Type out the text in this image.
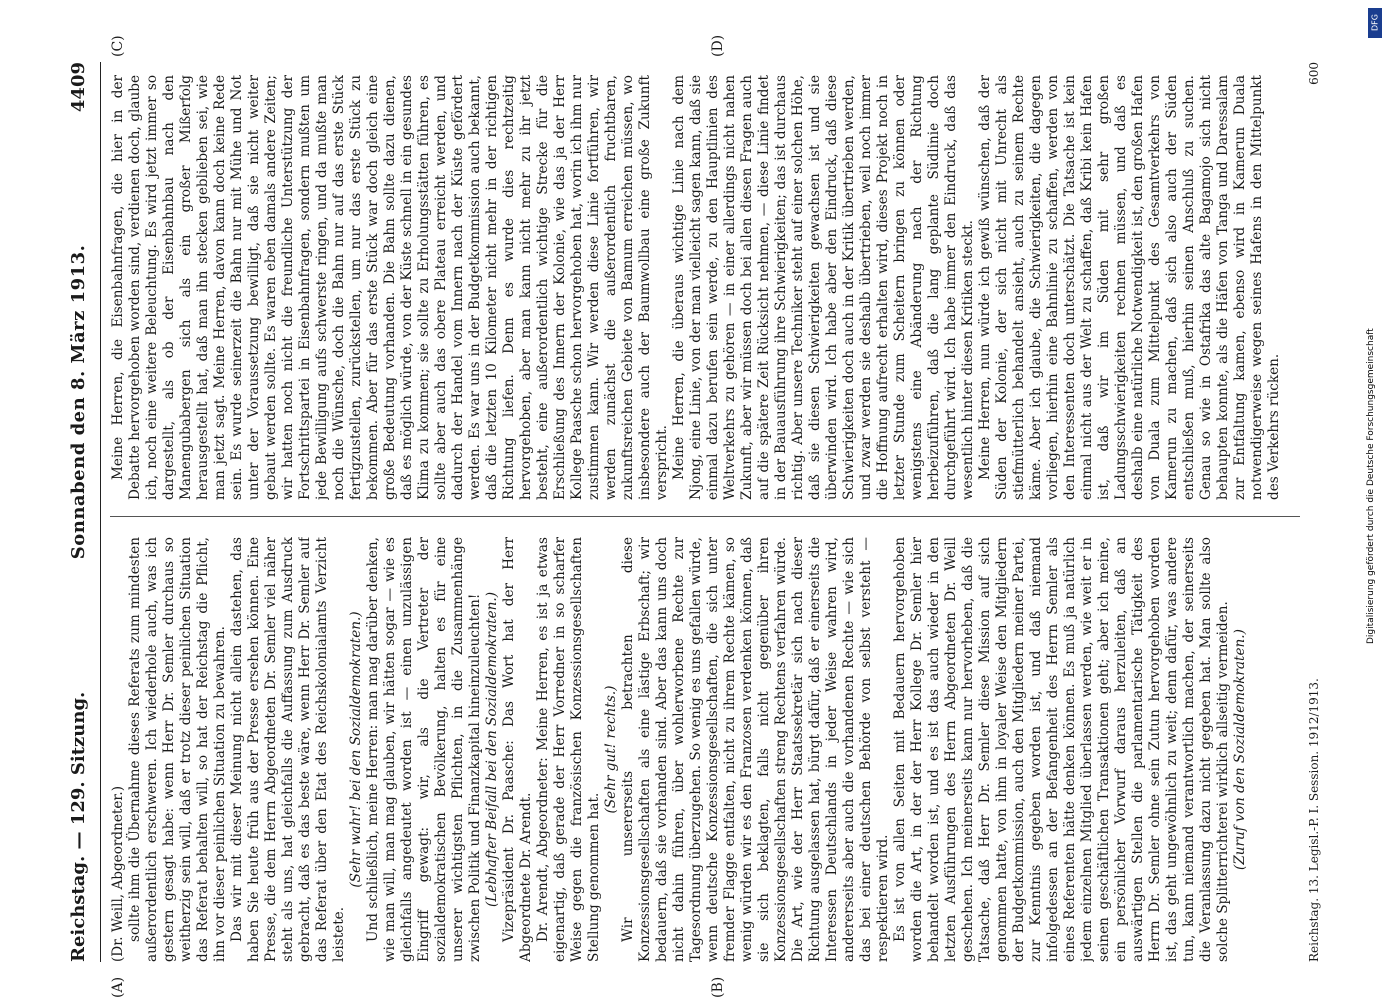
Reichstag. — 129. Sitzung.
Sonnabend den 8. März 1913.
4409
(A)	(B)
(C)	(D)

(Dr. Weill, Abgeordneter.) sollte ihm die Übernahme dieses Referats zum mindesten außerordentlich erschweren. Ich wiederhole auch, was ich gestern gesagt habe: wenn Herr Dr. Semler durchaus so weitherzig sein will, daß er trotz dieser peinlichen Situation das Referat behalten will, so hat der Reichstag die Pflicht, ihn vor dieser peinlichen Situation zu bewahren. Das wir mit dieser Meinung nicht allein dastehen, das haben Sie heute früh aus der Presse ersehen können. Eine Presse, die dem Herrn Abgeordneten Dr. Semler viel näher steht als uns, hat gleichfalls die Auffassung zum Ausdruck gebracht, daß es das beste wäre, wenn Herr Dr. Semler auf das Referat über den Etat des Reichskolonialamts Verzicht leistete.

(Sehr wahr! bei den Sozialdemokraten.) Und schließlich, meine Herren: man mag darüber denken, wie man will, man mag glauben, wir hätten sogar — wie es gleichfalls angedeutet worden ist — einen unzulässigen Eingriff gewagt: wir, als die Vertreter der sozialdemokratischen Bevölkerung, halten es für eine unserer wichtigsten Pflichten, in die Zusammenhänge zwischen Politik und Finanzkapital hineinzuleuchten! (Lebhafter Beifall bei den Sozialdemokraten.) Vizepräsident Dr. Paasche: Das Wort hat der Herr Abgeordnete Dr. Arendt. Dr. Arendt, Abgeordneter: Meine Herren, es ist ja etwas eigenartig, daß gerade der Herr Vorredner in so scharfer Weise gegen die französischen Konzessionsgesellschaften Stellung genommen hat.

(Sehr gut! rechts.) Wir unsererseits betrachten diese Konzessionsgesellschaften als eine lästige Erbschaft; wir bedauern, daß sie vorhanden sind. Aber das kann uns doch nicht dahin führen, über wohlerworbene Rechte zur Tagesordnung überzugehen. So wenig es uns gefallen würde, wenn deutsche Konzessionsgesellschaften, die sich unter fremder Flagge entfalten, nicht zu ihrem Rechte kämen, so wenig würden wir es den Franzosen verdenken können, daß sie sich beklagten, falls nicht gegenüber ihren Konzessionsgesellschaften streng Rechtens verfahren würde. Die Art, wie der Herr Staatssekretär sich nach dieser Richtung ausgelassen hat, bürgt dafür, daß er einerseits die Interessen Deutschlands in jeder Weise wahren wird, andererseits aber auch die vorhandenen Rechte — wie sich das bei einer deutschen Behörde von selbst versteht — respektieren wird. Es ist von allen Seiten mit Bedauern hervorgehoben worden die Art, in der der Herr Kollege Dr. Semler hier behandelt worden ist, und es ist das auch wieder in den letzten Ausführungen des Herrn Abgeordneten Dr. Weill geschehen. Ich meinerseits kann nur hervorheben, daß die Tatsache, daß Herr Dr. Semler diese Mission auf sich genommen hatte, von ihm in loyaler Weise den Mitgliedern der Budgetkommission, auch den Mitgliedern meiner Partei, zur Kenntnis gegeben worden ist, und daß niemand infolgedessen an der Befangenheit des Herrn Semler als eines Referenten hätte denken können. Es muß ja natürlich jedem einzelnen Mitglied überlassen werden, wie weit er in seinen geschäftlichen Transaktionen geht; aber ich meine, ein persönlicher Vorwurf daraus herzuleiten, daß an auswärtigen Stellen die parlamentarische Tätigkeit des Herrn Dr. Semler ohne sein Zutun hervorgehoben worden ist, das geht ungewöhnlich zu weit; denn dafür, was andere tun, kann niemand verantwortlich machen, der seinerseits die Veranlassung dazu nicht gegeben hat. Man sollte also solche Splitterrichterei wirklich allseitig vermeiden. (Zuruf von den Sozialdemokraten.)

Meine Herren, die Eisenbahnfragen, die hier in der Debatte hervorgehoben worden sind, verdienen doch, glaube ich, noch eine weitere Beleuchtung. Es wird jetzt immer so dargestellt, als ob der Eisenbahnbau nach den Manengubabergen sich als ein großer Mißerfolg herausgestellt hat, daß man ihn stecken geblieben sei, wie man jetzt sagt. Meine Herren, davon kann doch keine Rede sein. Es wurde seinerzeit die Bahn nur mit Mühe und Not unter der Voraussetzung bewilligt, daß sie nicht weiter gebaut werden sollte. Es waren eben damals andere Zeiten; wir hatten noch nicht die freundliche Unterstützung der Fortschrittspartei in Eisenbahnfragen, sondern mußten um jede Bewilligung aufs schwerste ringen, und da mußte man noch die Wünsche, doch die Bahn nur auf das erste Stück fertigzustellen, zurückstellen, um nur das erste Stück zu bekommen. Aber für das erste Stück war doch gleich eine große Bedeutung vorhanden. Die Bahn sollte dazu dienen, daß es möglich würde, von der Küste schnell in ein gesundes Klima zu kommen; sie sollte zu Erholungsstätten führen, es sollte aber auch das obere Plateau erreicht werden, und dadurch der Handel vom Innern nach der Küste gefördert werden. Es war uns in der Budgetkommission auch bekannt, daß die letzten 10 Kilometer nicht mehr in der richtigen Richtung liefen. Denn es wurde dies rechtzeitig hervorgehoben, aber man kann nicht mehr zu ihr jetzt besteht, eine außerordentlich wichtige Strecke für die Erschließung des Innern der Kolonie, wie das ja der Herr Kollege Paasche schon hervorgehoben hat, worin ich ihm nur zustimmen kann. Wir werden diese Linie fortführen, wir werden zunächst die außerordentlich fruchtbaren, zukunftsreichen Gebiete von Bamum erreichen müssen, wo insbesondere auch der Baumwollbau eine große Zukunft verspricht. Meine Herren, die überaus wichtige Linie nach dem Njong, eine Linie, von der man vielleicht sagen kann, daß sie einmal dazu berufen sein werde, zu den Hauptlinien des Weltverkehrs zu gehören — in einer allerdings nicht nahen Zukunft, aber wir müssen doch bei allen diesen Fragen auch auf die spätere Zeit Rücksicht nehmen, — diese Linie findet in der Bauausführung ihre Schwierigkeiten; das ist durchaus richtig. Aber unsere Techniker steht auf einer solchen Höhe, daß sie diesen Schwierigkeiten gewachsen ist und sie überwinden wird. Ich habe aber den Eindruck, daß diese Schwierigkeiten doch auch in der Kritik übertrieben werden, und zwar werden sie deshalb übertrieben, weil noch immer die Hoffnung aufrecht erhalten wird, dieses Projekt noch in letzter Stunde zum Scheitern bringen zu können oder wenigstens eine Abänderung nach der Richtung herbeizuführen, daß die lang geplante Südlinie doch durchgeführt wird. Ich habe immer den Eindruck, daß das wesentlich hinter diesen Kritiken steckt. Meine Herren, nun würde ich gewiß wünschen, daß der Süden der Kolonie, der sich nicht mit Unrecht als stiefmütterlich behandelt ansieht, auch zu seinem Rechte käme. Aber ich glaube, die Schwierigkeiten, die dagegen vorliegen, hierhin eine Bahnlinie zu schaffen, werden von den Interessenten doch unterschätzt. Die Tatsache ist kein einmal nicht aus der Welt zu schaffen, daß Kribi kein Hafen ist, daß wir im Süden mit sehr großen Ladungsschwierigkeiten rechnen müssen, und daß es deshalb eine natürliche Notwendigkeit ist, den großen Hafen von Duala zum Mittelpunkt des Gesamtverkehrs von Kamerun zu machen, daß sich also auch der Süden entschließen muß, hierhin seinen Anschluß zu suchen. Genau so wie in Ostafrika das alte Bagamojo sich nicht behaupten konnte, als die Häfen von Tanga und Daressalam zur Entfaltung kamen, ebenso wird in Kamerun Duala notwendigerweise wegen seines Hafens in den Mittelpunkt des Verkehrs rücken.

Reichstag. 13. Legisl.-P. I. Session. 1912/1913.
600
DFG
Digitalisierung gefördert durch die Deutsche Forschungsgemeinschaft
